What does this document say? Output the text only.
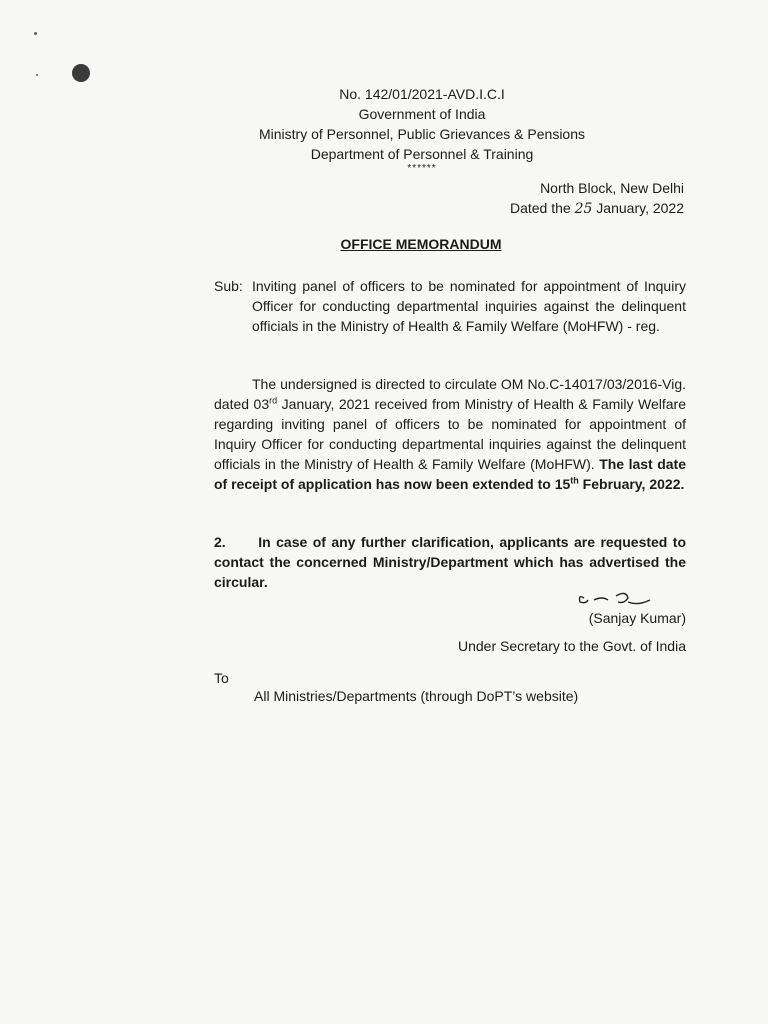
No. 142/01/2021-AVD.I.C.I
Government of India
Ministry of Personnel, Public Grievances & Pensions
Department of Personnel & Training
******
North Block, New Delhi
Dated the 25 January, 2022
OFFICE MEMORANDUM
Sub: Inviting panel of officers to be nominated for appointment of Inquiry Officer for conducting departmental inquiries against the delinquent officials in the Ministry of Health & Family Welfare (MoHFW) - reg.
The undersigned is directed to circulate OM No.C-14017/03/2016-Vig. dated 03rd January, 2021 received from Ministry of Health & Family Welfare regarding inviting panel of officers to be nominated for appointment of Inquiry Officer for conducting departmental inquiries against the delinquent officials in the Ministry of Health & Family Welfare (MoHFW). The last date of receipt of application has now been extended to 15th February, 2022.
2. In case of any further clarification, applicants are requested to contact the concerned Ministry/Department which has advertised the circular.
(Sanjay Kumar)
Under Secretary to the Govt. of India
To
All Ministries/Departments (through DoPT’s website)
